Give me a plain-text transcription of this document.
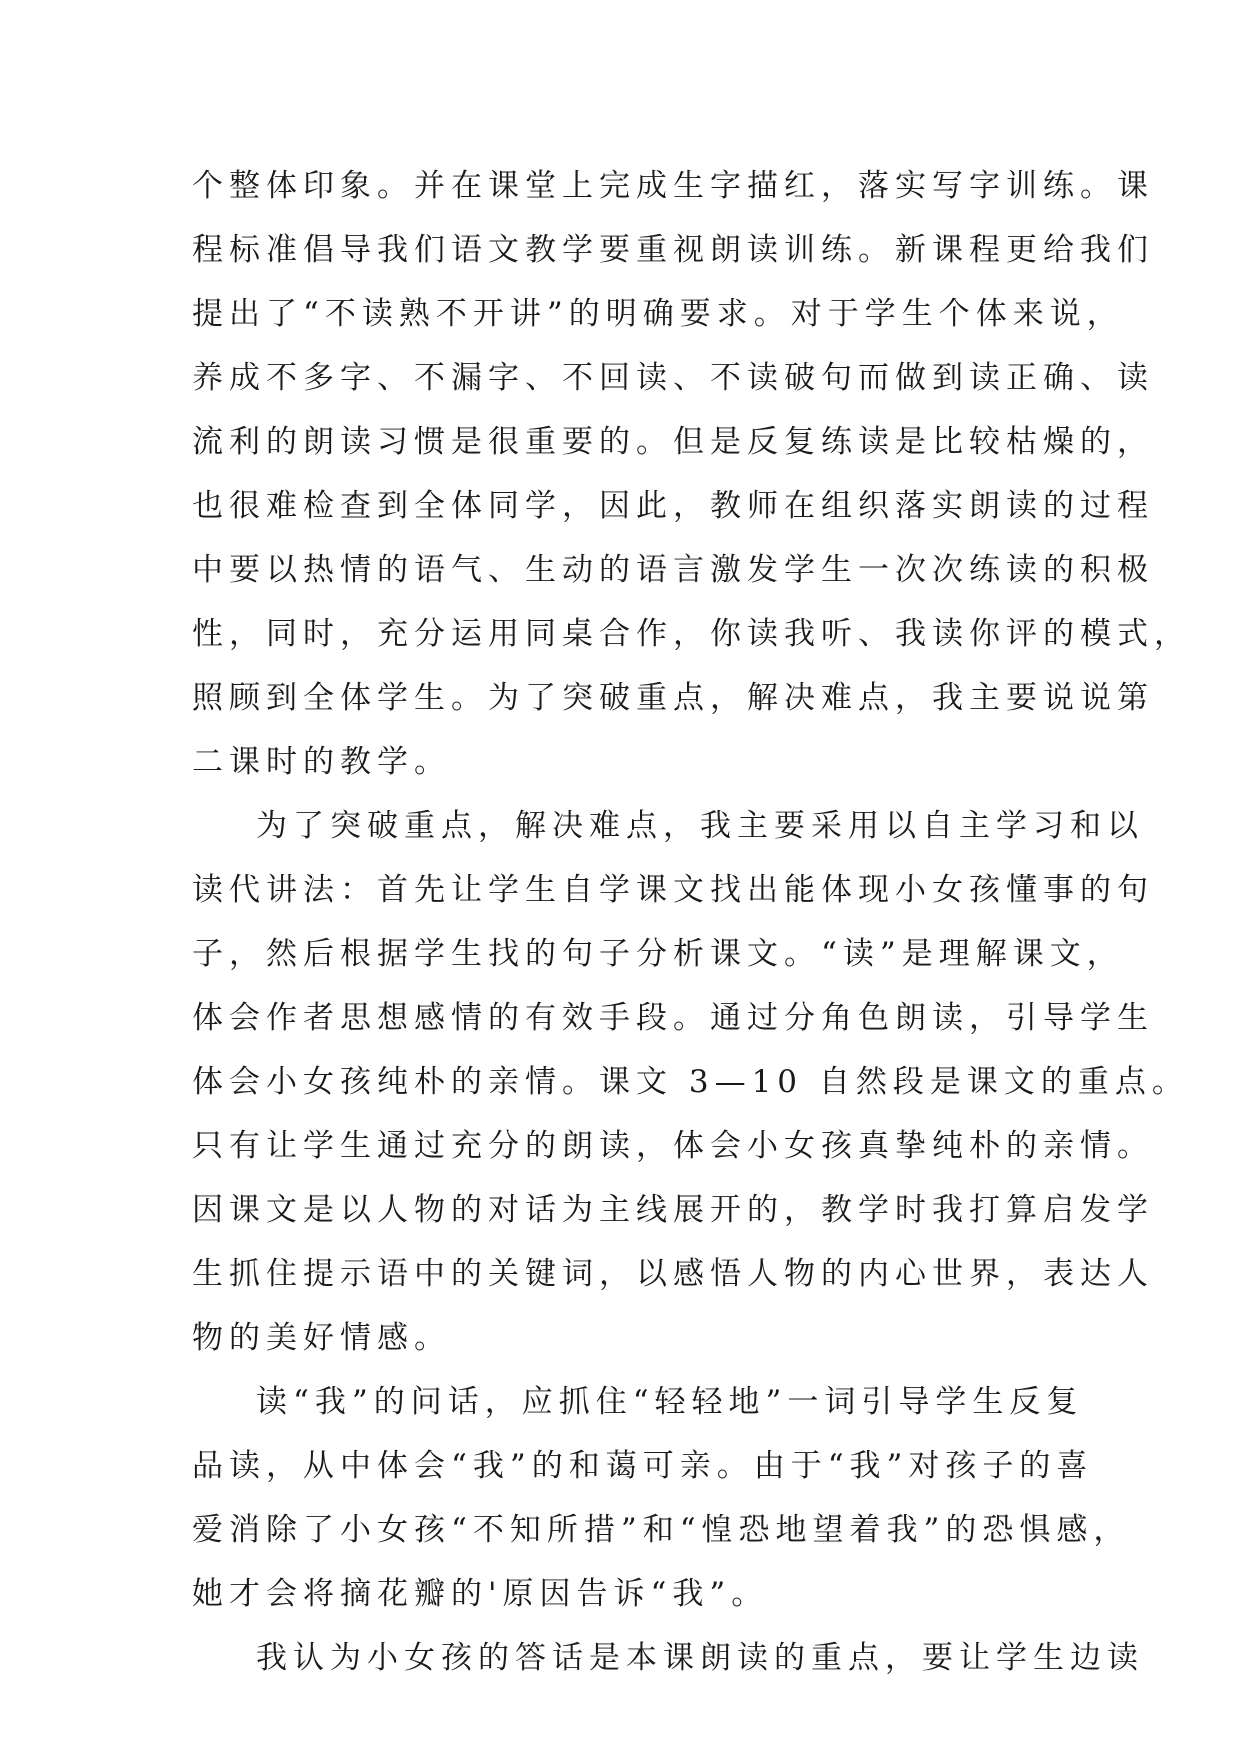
个整体印象。并在课堂上完成生字描红，落实写字训练。课
程标准倡导我们语文教学要重视朗读训练。新课程更给我们
提出了“不读熟不开讲”的明确要求。对于学生个体来说，
养成不多字、不漏字、不回读、不读破句而做到读正确、读
流利的朗读习惯是很重要的。但是反复练读是比较枯燥的，
也很难检查到全体同学，因此，教师在组织落实朗读的过程
中要以热情的语气、生动的语言激发学生一次次练读的积极
性，同时，充分运用同桌合作，你读我听、我读你评的模式，
照顾到全体学生。为了突破重点，解决难点，我主要说说第
二课时的教学。
为了突破重点，解决难点，我主要采用以自主学习和以
读代讲法：首先让学生自学课文找出能体现小女孩懂事的句
子，然后根据学生找的句子分析课文。“读”是理解课文，
体会作者思想感情的有效手段。通过分角色朗读，引导学生
体会小女孩纯朴的亲情。课文 3—10 自然段是课文的重点。
只有让学生通过充分的朗读，体会小女孩真挚纯朴的亲情。
因课文是以人物的对话为主线展开的，教学时我打算启发学
生抓住提示语中的关键词，以感悟人物的内心世界，表达人
物的美好情感。
读“我”的问话，应抓住“轻轻地”一词引导学生反复
品读，从中体会“我”的和蔼可亲。由于“我”对孩子的喜
爱消除了小女孩“不知所措”和“惶恐地望着我”的恐惧感，
她才会将摘花瓣的'原因告诉“我”。
我认为小女孩的答话是本课朗读的重点，要让学生边读
